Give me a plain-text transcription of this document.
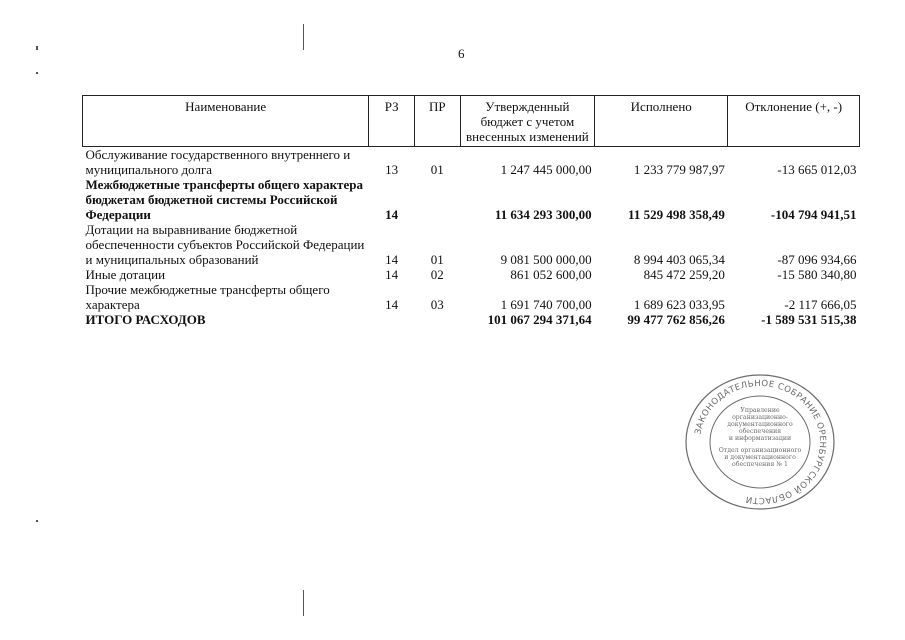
6
Наименование	РЗ	ПР	Утвержденный бюджет с учетом внесенных изменений	Исполнено	Отклонение (+, -)
Обслуживание государственного внутреннего и муниципального долга	13	01	1 247 445 000,00	1 233 779 987,97	-13 665 012,03
Межбюджетные трансферты общего характера бюджетам бюджетной системы Российской Федерации	14		11 634 293 300,00	11 529 498 358,49	-104 794 941,51
Дотации на выравнивание бюджетной обеспеченности субъектов Российской Федерации и муниципальных образований	14	01	9 081 500 000,00	8 994 403 065,34	-87 096 934,66
Иные дотации	14	02	861 052 600,00	845 472 259,20	-15 580 340,80
Прочие межбюджетные трансферты общего характера	14	03	1 691 740 700,00	1 689 623 033,95	-2 117 666,05
ИТОГО РАСХОДОВ			101 067 294 371,64	99 477 762 856,26	-1 589 531 515,38
ЗАКОНОДАТЕЛЬНОЕ СОБРАНИЕ ОРЕНБУРГСКОЙ ОБЛАСТИ
Управление
организационно-
документационного
обеспечения
и информатизации
Отдел организационного
и документационного
обеспечения № 1
